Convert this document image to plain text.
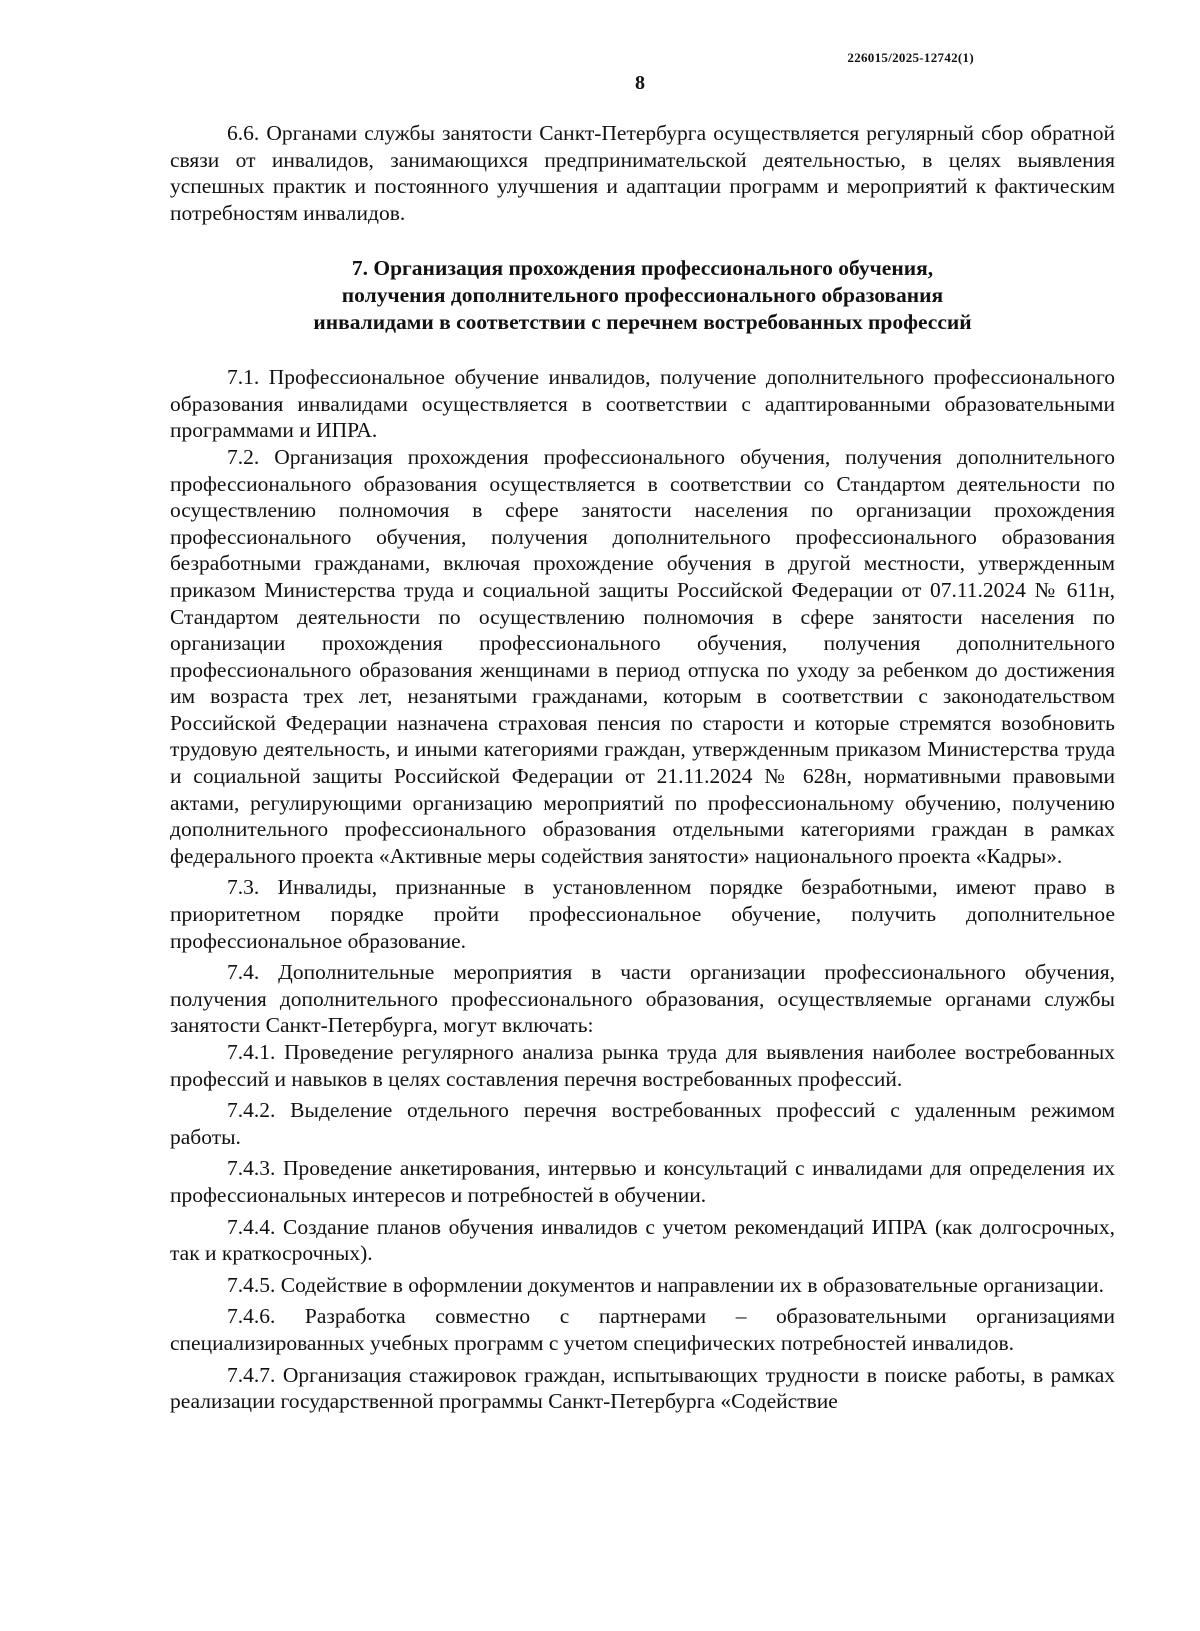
226015/2025-12742(1)
8

6.6. Органами службы занятости Санкт-Петербурга осуществляется регулярный сбор обратной связи от инвалидов, занимающихся предпринимательской деятельностью, в целях выявления успешных практик и постоянного улучшения и адаптации программ и мероприятий к фактическим потребностям инвалидов.

7. Организация прохождения профессионального обучения,
получения дополнительного профессионального образования
инвалидами в соответствии с перечнем востребованных профессий

7.1. Профессиональное обучение инвалидов, получение дополнительного профессионального образования инвалидами осуществляется в соответствии с адаптированными образовательными программами и ИПРА.

7.2. Организация прохождения профессионального обучения, получения дополнительного профессионального образования осуществляется в соответствии со Стандартом деятельности по осуществлению полномочия в сфере занятости населения по организации прохождения профессионального обучения, получения дополнительного профессионального образования безработными гражданами, включая прохождение обучения в другой местности, утвержденным приказом Министерства труда и социальной защиты Российской Федерации от 07.11.2024 № 611н, Стандартом деятельности по осуществлению полномочия в сфере занятости населения по организации прохождения профессионального обучения, получения дополнительного профессионального образования женщинами в период отпуска по уходу за ребенком до достижения им возраста трех лет, незанятыми гражданами, которым в соответствии с законодательством Российской Федерации назначена страховая пенсия по старости и которые стремятся возобновить трудовую деятельность, и иными категориями граждан, утвержденным приказом Министерства труда и социальной защиты Российской Федерации от 21.11.2024 № 628н, нормативными правовыми актами, регулирующими организацию мероприятий по профессиональному обучению, получению дополнительного профессионального образования отдельными категориями граждан в рамках федерального проекта «Активные меры содействия занятости» национального проекта «Кадры».

7.3. Инвалиды, признанные в установленном порядке безработными, имеют право в приоритетном порядке пройти профессиональное обучение, получить дополнительное профессиональное образование.

7.4. Дополнительные мероприятия в части организации профессионального обучения, получения дополнительного профессионального образования, осуществляемые органами службы занятости Санкт-Петербурга, могут включать:

7.4.1. Проведение регулярного анализа рынка труда для выявления наиболее востребованных профессий и навыков в целях составления перечня востребованных профессий.

7.4.2. Выделение отдельного перечня востребованных профессий с удаленным режимом работы.

7.4.3. Проведение анкетирования, интервью и консультаций с инвалидами для определения их профессиональных интересов и потребностей в обучении.

7.4.4. Создание планов обучения инвалидов с учетом рекомендаций ИПРА (как долгосрочных, так и краткосрочных).

7.4.5. Содействие в оформлении документов и направлении их в образовательные организации.

7.4.6. Разработка совместно с партнерами – образовательными организациями специализированных учебных программ с учетом специфических потребностей инвалидов.

7.4.7. Организация стажировок граждан, испытывающих трудности в поиске работы, в рамках реализации государственной программы Санкт-Петербурга «Содействие
